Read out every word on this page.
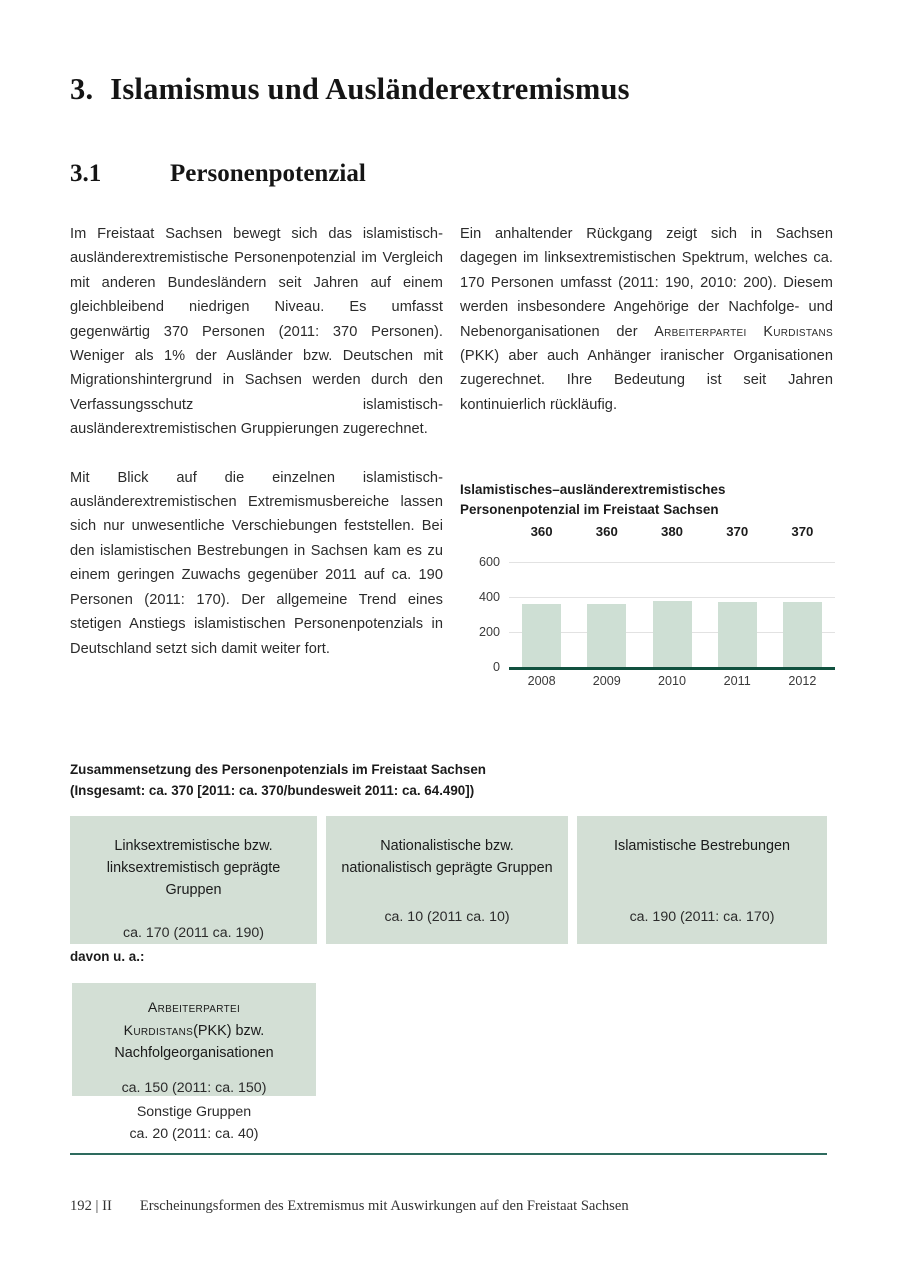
3. Islamismus und Ausländerextremismus
3.1	Personenpotenzial

Im Freistaat Sachsen bewegt sich das islamistisch-ausländerextremistische Personenpotenzial im Vergleich mit anderen Bundesländern seit Jahren auf einem gleichbleibend niedrigen Niveau. Es umfasst gegenwärtig 370 Personen (2011: 370 Personen). Weniger als 1% der Ausländer bzw. Deutschen mit Migrationshintergrund in Sachsen werden durch den Verfassungsschutz islamistisch-ausländerextremistischen Gruppierungen zugerechnet.

Mit Blick auf die einzelnen islamistisch-ausländerextremistischen Extremismusbereiche lassen sich nur unwesentliche Verschiebungen feststellen. Bei den islamistischen Bestrebungen in Sachsen kam es zu einem geringen Zuwachs gegenüber 2011 auf ca. 190 Personen (2011: 170). Der allgemeine Trend eines stetigen Anstiegs islamistischen Personenpotenzials in Deutschland setzt sich damit weiter fort.

Ein anhaltender Rückgang zeigt sich in Sachsen dagegen im linksextremistischen Spektrum, welches ca. 170 Personen umfasst (2011: 190, 2010: 200). Diesem werden insbesondere Angehörige der Nachfolge- und Nebenorganisationen der Arbeiterpartei Kurdistans (PKK) aber auch Anhänger iranischer Organisationen zugerechnet. Ihre Bedeutung ist seit Jahren kontinuierlich rückläufig.

Islamistisches–ausländerextremistisches
Personenpotenzial im Freistaat Sachsen
600
400
200
0
360
2008
360
2009
380
2010
370
2011
370
2012
Zusammensetzung des Personenpotenzials im Freistaat Sachsen
(Insgesamt: ca. 370 [2011: ca. 370/bundesweit 2011: ca. 64.490])
Linksextremistische bzw. linksextremistisch geprägte Gruppen
ca. 170 (2011 ca. 190)
Nationalistische bzw. nationalistisch geprägte Gruppen
ca. 10 (2011 ca. 10)
Islamistische Bestrebungen
ca. 190 (2011: ca. 170)
davon u. a.:
Arbeiterpartei
Kurdistans(PKK) bzw.
Nachfolgeorganisationen
ca. 150 (2011: ca. 150)
Sonstige Gruppen
ca. 20 (2011: ca. 40)
192 | II Erscheinungsformen des Extremismus mit Auswirkungen auf den Freistaat Sachsen
